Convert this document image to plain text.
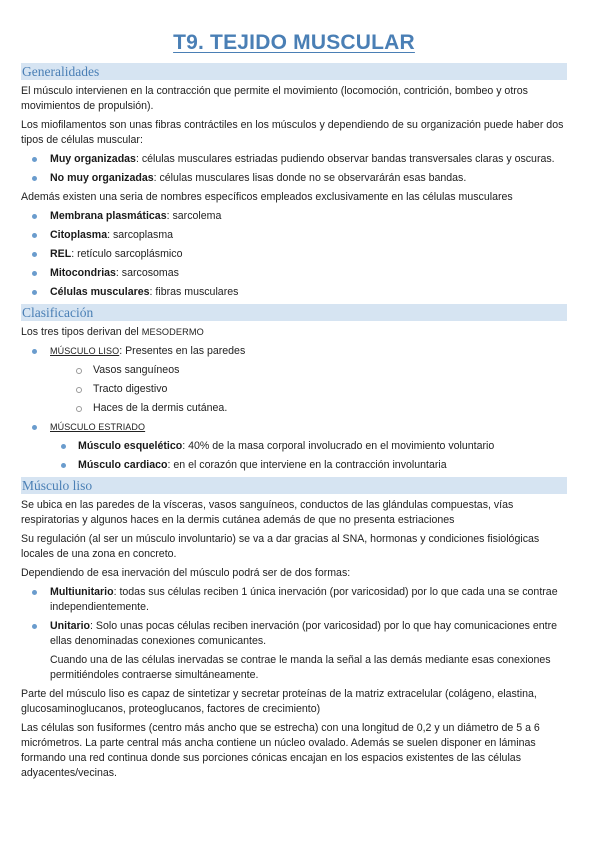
T9. TEJIDO MUSCULAR
Generalidades

El músculo intervienen en la contracción que permite el movimiento (locomoción, contrición, bombeo y otros movimientos de propulsión).

Los miofilamentos son unas fibras contráctiles en los músculos y dependiendo de su organización puede haber dos tipos de células muscular:

Muy organizadas: células musculares estriadas pudiendo observar bandas transversales claras y oscuras.
No muy organizadas: células musculares lisas donde no se observarárán esas bandas.

Además existen una seria de nombres específicos empleados exclusivamente en las células musculares

Membrana plasmáticas: sarcolema
Citoplasma: sarcoplasma
REL: retículo sarcoplásmico
Mitocondrias: sarcosomas
Células musculares: fibras musculares
Clasificación

Los tres tipos derivan del MESODERMO

MÚSCULO LISO: Presentes en las paredes
Vasos sanguíneos
Tracto digestivo
Haces de la dermis cutánea.
MÚSCULO ESTRIADO
Músculo esquelético: 40% de la masa corporal involucrado en el movimiento voluntario
Músculo cardiaco: en el corazón que interviene en la contracción involuntaria
Músculo liso

Se ubica en las paredes de la vísceras, vasos sanguíneos, conductos de las glándulas compuestas, vías respiratorias y algunos haces en la dermis cutánea además de que no presenta estriaciones

Su regulación (al ser un músculo involuntario) se va a dar gracias al SNA, hormonas y condiciones fisiológicas locales de una zona en concreto.

Dependiendo de esa inervación del músculo podrá ser de dos formas:

Multiunitario: todas sus células reciben 1 única inervación (por varicosidad) por lo que cada una se contrae independientemente.
Unitario: Solo unas pocas células reciben inervación (por varicosidad) por lo que hay comunicaciones entre ellas denominadas conexiones comunicantes.

Cuando una de las células inervadas se contrae le manda la señal a las demás mediante esas conexiones permitiéndoles contraerse simultáneamente.

Parte del músculo liso es capaz de sintetizar y secretar proteínas de la matriz extracelular (colágeno, elastina, glucosaminoglucanos, proteoglucanos, factores de crecimiento)

Las células son fusiformes (centro más ancho que se estrecha) con una longitud de 0,2 y un diámetro de 5 a 6 micrómetros. La parte central más ancha contiene un núcleo ovalado. Además se suelen disponer en láminas formando una red continua donde sus porciones cónicas encajan en los espacios existentes de las células adyacentes/vecinas.
